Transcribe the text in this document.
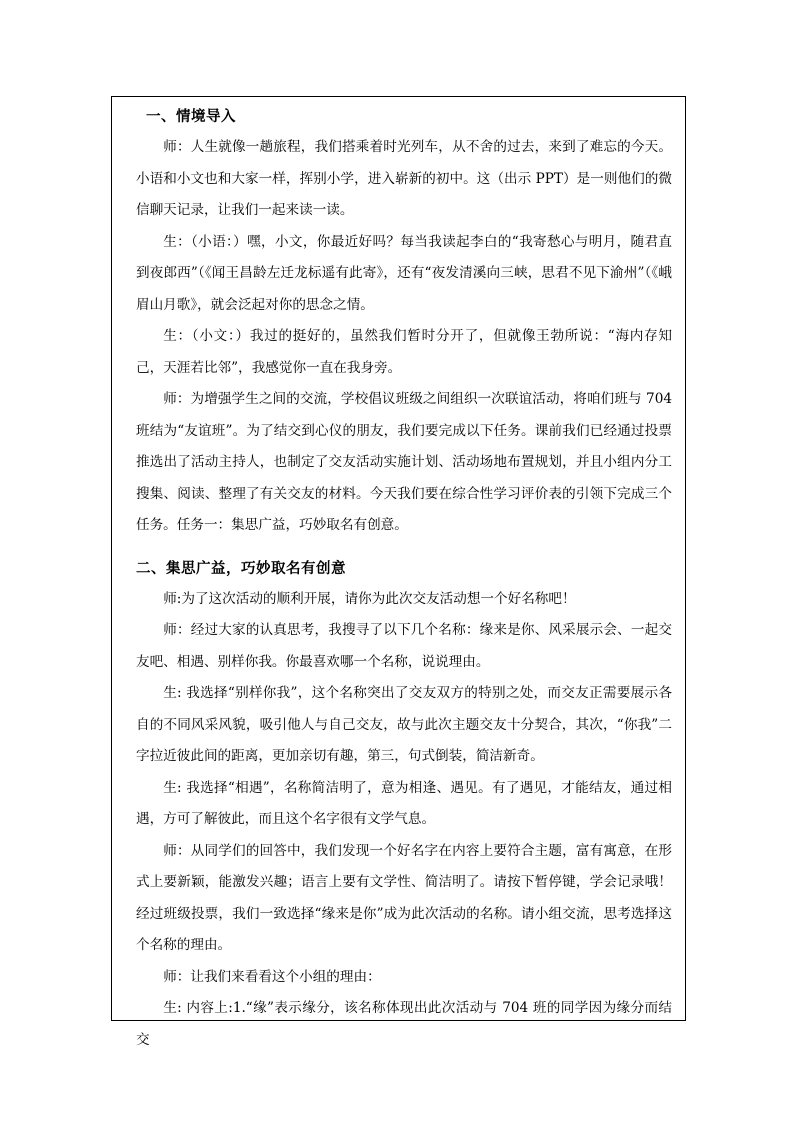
一、情境导入

师：人生就像一趟旅程，我们搭乘着时光列车，从不舍的过去，来到了难忘的今天。小语和小文也和大家一样，挥别小学，进入崭新的初中。这（出示 PPT）是一则他们的微信聊天记录，让我们一起来读一读。

生：（小语：）嘿，小文，你最近好吗？每当我读起李白的“我寄愁心与明月，随君直到夜郎西”（《闻王昌龄左迁龙标遥有此寄》，还有“夜发清溪向三峡，思君不见下渝州”（《峨眉山月歌》，就会泛起对你的思念之情。

生：（小文：）我过的挺好的，虽然我们暂时分开了，但就像王勃所说：“海内存知己，天涯若比邻”，我感觉你一直在我身旁。

师：为增强学生之间的交流，学校倡议班级之间组织一次联谊活动，将咱们班与 704 班结为“友谊班”。为了结交到心仪的朋友，我们要完成以下任务。课前我们已经通过投票推选出了活动主持人，也制定了交友活动实施计划、活动场地布置规划，并且小组内分工搜集、阅读、整理了有关交友的材料。今天我们要在综合性学习评价表的引领下完成三个任务。任务一：集思广益，巧妙取名有创意。

二、集思广益，巧妙取名有创意

师:为了这次活动的顺利开展，请你为此次交友活动想一个好名称吧！

师：经过大家的认真思考，我搜寻了以下几个名称：缘来是你、风采展示会、一起交友吧、相遇、别样你我。你最喜欢哪一个名称，说说理由。

生: 我选择“别样你我”，这个名称突出了交友双方的特别之处，而交友正需要展示各自的不同风采风貌，吸引他人与自己交友，故与此次主题交友十分契合，其次，“你我”二字拉近彼此间的距离，更加亲切有趣，第三，句式倒装，简洁新奇。

生: 我选择“相遇”，名称简洁明了，意为相逢、遇见。有了遇见，才能结友，通过相遇，方可了解彼此，而且这个名字很有文学气息。

师：从同学们的回答中，我们发现一个好名字在内容上要符合主题，富有寓意，在形式上要新颖，能激发兴趣；语言上要有文学性、简洁明了。请按下暂停键，学会记录哦！经过班级投票，我们一致选择“缘来是你”成为此次活动的名称。请小组交流，思考选择这个名称的理由。

师：让我们来看看这个小组的理由：

生: 内容上:1.“缘”表示缘分，该名称体现出此次活动与 704 班的同学因为缘分而结交
